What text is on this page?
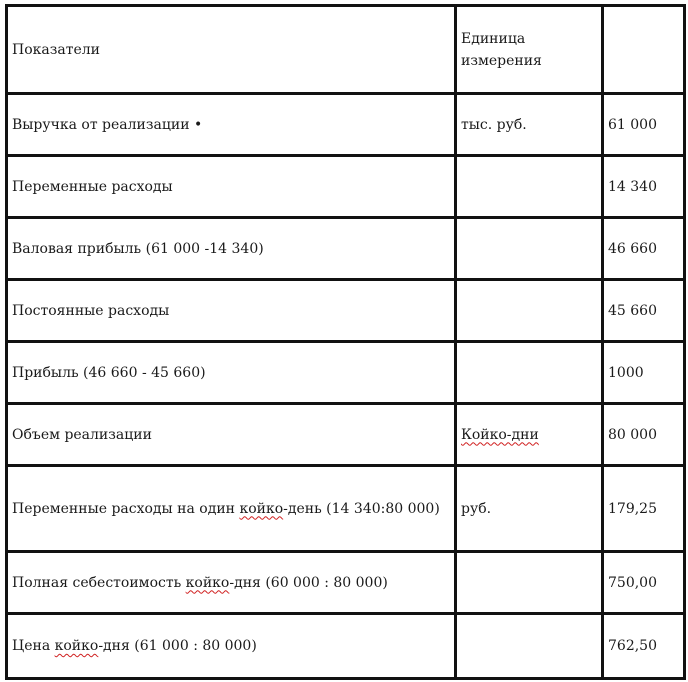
Показатели	Единица измерения	
Выручка от реализации •	тыс. руб.	61 000
Переменные расходы		14 340
Валовая прибыль (61 000 -14 340)		46 660
Постоянные расходы		45 660
Прибыль (46 660 - 45 660)		1000
Объем реализации	Койко-дни	80 000
Переменные расходы на один койко-день (14 340:80 000)	руб.	179,25
Полная себестоимость койко-дня (60 000 : 80 000)		750,00
Цена койко-дня (61 000 : 80 000)		762,50
